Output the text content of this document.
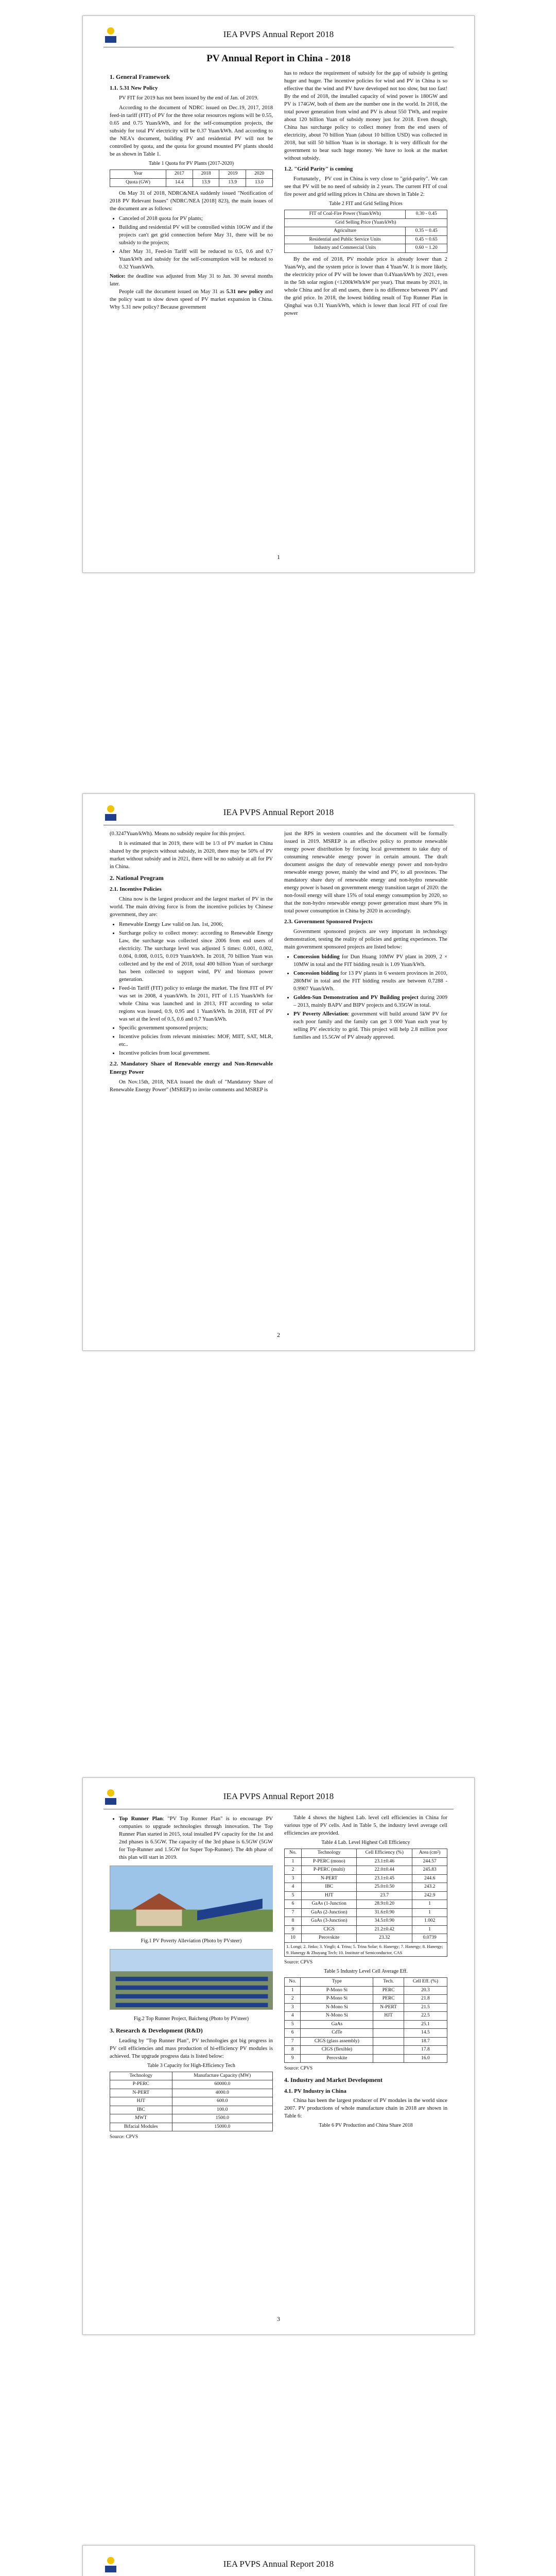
IEA PVPS Annual Report 2018
PV Annual Report in China - 2018
1. General Framework
1.1. 5.31 New Policy

PV FIT for 2019 has not been issued by the end of Jan. of 2019.

According to the document of NDRC issued on Dec.19, 2017, 2018 feed-in tariff (FIT) of PV for the three solar resources regions will be 0.55, 0.65 and 0.75 Yuan/kWh, and for the self-consumption projects, the subsidy for total PV electricity will be 0.37 Yuan/kWh. And according to the NEA's document, building PV and residential PV will not be controlled by quota, and the quota for ground mounted PV plants should be as shown in Table 1.

Table 1 Quota for PV Plants (2017-2020)
Year	2017	2018	2019	2020
Quota (GW)	14.4	13.9	13.9	13.0

On May 31 of 2018, NDRC&NEA suddenly issued "Notification of 2018 PV Relevant Issues" (NDRC/NEA [2018] 823), the main issues of the document are as follows:

• Canceled of 2018 quota for PV plants;
• Building and residential PV will be controlled within 10GW and if the projects can't get grid connection before May 31, there will be no subsidy to the projects;
• After May 31, Feed-in Tariff will be reduced to 0.5, 0.6 and 0.7 Yuan/kWh and subsidy for the self-consumption will be reduced to 0.32 Yuan/kWh.
Notice: the deadline was adjusted from May 31 to Jun. 30 several months later.

People call the document issued on May 31 as 5.31 new policy and the policy want to slow down speed of PV market expansion in China. Why 5.31 new policy? Because government

has to reduce the requirement of subsidy for the gap of subsidy is getting huger and huger. The incentive policies for wind and PV in China is so effective that the wind and PV have developed not too slow, but too fast! By the end of 2018, the installed capacity of wind power is 180GW and PV is 174GW, both of them are the number one in the world. In 2018, the total power generation from wind and PV is about 550 TWh, and require about 120 billion Yuan of subsidy money just for 2018. Even though, China has surcharge policy to collect money from the end users of electricity, about 70 billion Yuan (about 10 billion USD) was collected in 2018, but still 50 billion Yuan is in shortage. It is very difficult for the government to bear such huge money. We have to look at the market without subsidy.

1.2. "Grid Parity" is coming

Fortunately，PV cost in China is very close to "grid-parity". We can see that PV will be no need of subsidy in 2 years. The current FIT of coal fire power and grid selling prices in China are shown in Table 2:

Table 2 FIT and Grid Selling Prices
FIT of Coal-Fire Power (Yuan/kWh)	0.30 - 0.45
Grid Selling Price (Yuan/kWh)	
Agriculture	0.35 ~ 0.45
Residential and Public Service Units	0.45 ~ 0.65
Industry and Commercial Units	0.60 ~ 1.20

By the end of 2018, PV module price is already lower than 2 Yuan/Wp, and the system price is lower than 4 Yuan/W. It is more likely, the electricity price of PV will be lower than 0.4Yuan/kWh by 2021, even in the 5th solar region (<1200kWh/kW per year). That means by 2021, in whole China and for all end users, there is no difference between PV and the grid price. In 2018, the lowest bidding result of Top Runner Plan in Qinghai was 0.31 Yuan/kWh, which is lower than local FIT of coal fire power

1
IEA PVPS Annual Report 2018

(0.3247Yuan/kWh). Means no subsidy require for this project.

It is estimated that in 2019, there will be 1/3 of PV market in China shared by the projects without subsidy, in 2020, there may be 50% of PV market without subsidy and in 2021, there will be no subsidy at all for PV in China.

2. National Program
2.1. Incentive Policies

China now is the largest producer and the largest market of PV in the world. The main driving force is from the incentive policies by Chinese government, they are:

• Renewable Energy Law valid on Jan. 1st, 2006;
• Surcharge policy to collect money: according to Renewable Energy Law, the surcharge was collected since 2006 from end users of electricity. The surcharge level was adjusted 5 times: 0.001, 0.002, 0.004, 0.008, 0.015, 0.019 Yuan/kWh. In 2018, 70 billion Yuan was collected and by the end of 2018, total 400 billion Yuan of surcharge has been collected to support wind, PV and biomass power generation.
• Feed-in Tariff (FIT) policy to enlarge the market. The first FIT of PV was set in 2008, 4 yuan/kWh. In 2011, FIT of 1.15 Yuan/kWh for whole China was launched and in 2013, FIT according to solar regions was issued, 0.9, 0.95 and 1 Yuan/kWh. In 2018, FIT of PV was set at the level of 0.5, 0.6 and 0.7 Yuan/kWh.
• Specific government sponsored projects;
• Incentive policies from relevant ministries: MOF, MIIT, SAT, MLR, etc..
• Incentive policies from local government.
2.2. Mandatory Share of Renewable energy and Non-Renewable Energy Power

On Nov.15th, 2018, NEA issued the draft of "Mandatory Share of Renewable Energy Power" (MSREP) to invite comments and MSREP is

just the RPS in western countries and the document will be formally issued in 2019. MSREP is an effective policy to promote renewable energy power distribution by forcing local government to take duty of consuming renewable energy power in certain amount. The draft document assigns the duty of renewable energy power and non-hydro renewable energy power, mainly the wind and PV, to all provinces. The mandatory share duty of renewable energy and non-hydro renewable energy power is based on government energy transition target of 2020: the non-fossil energy will share 15% of total energy consumption by 2020, so that the non-hydro renewable energy power generation must share 9% in total power consumption in China by 2020 in accordingly.

2.3. Government Sponsored Projects

Government sponsored projects are very important in technology demonstration, testing the reality of policies and getting experiences. The main government sponsored projects are listed below:

• Concession bidding for Dun Huang 10MW PV plant in 2009, 2 × 10MW in total and the FIT bidding result is 1.09 Yuan/kWh.
• Concession bidding for 13 PV plants in 6 western provinces in 2010, 280MW in total and the FIT bidding results are between 0.7288 - 0.9907 Yuan/kWh.
• Golden-Sun Demonstration and PV Building project during 2009 – 2013, mainly BAPV and BIPV projects and 6.35GW in total.
• PV Poverty Alleviation: government will build around 5kW PV for each poor family and the family can get 3 000 Yuan each year by selling PV electricity to grid. This project will help 2.8 million poor families and 15.5GW of PV already approved.
2
IEA PVPS Annual Report 2018
• Top Runner Plan: "PV Top Runner Plan" is to encourage PV companies to upgrade technologies through innovation. The Top Runner Plan started in 2015, total installed PV capacity for the 1st and 2nd phases is 6.5GW. The capacity of the 3rd phase is 6.5GW (5GW for Top-Runner and 1.5GW for Super Top-Runner). The 4th phase of this plan will start in 2019.
Fig.1 PV Poverty Alleviation (Photo by PVsteer)
Fig.2 Top Runner Project, Baicheng (Photo by PVsteer)
3. Research & Development (R&D)

Leading by "Top Runner Plan", PV technologies got big progress in PV cell efficiencies and mass production of hi-efficiency PV modules is achieved. The upgrade progress data is listed below:

Table 3 Capacity for High-Efficiency Tech
Technology	Manufacture Capacity (MW)
P-PERC	60000.0
N-PERT	4000.0
HJT	600.0
IBC	100.0
MWT	1500.0
Bifacial Modules	15000.0
Source: CPVS

Table 4 shows the highest Lab. level cell efficiencies in China for various type of PV cells. And in Table 5, the industry level average cell efficiencies are provided.

Table 4 Lab. Level Highest Cell Efficiency
No.	Technology	Cell Efficiency (%)	Area (cm²)
1	P-PERC (mono)	23.1±0.46	244.57
2	P-PERC (multi)	22.0±0.44	245.83
3	N-PERT	23.1±0.45	244.6
4	IBC	25.0±0.50	243.2
5	HJT	23.7	242.9
6	GaAs (1-Junction	28.9±0.20	1
7	GaAs (2-Junction)	31.6±0.90	1
8	GaAs (3-Junction)	34.5±0.90	1.002
9	CIGS	21.2±0.42	1
10	Perovskite	23.32	0.0739
1. Longi; 2. Jinko; 3. Yingli; 4. Trina; 5. Trina Solar; 6. Hanergy; 7. Hanergy; 8. Hanergy; 9. Hanergy & Zhuyang Tech; 10. Institute of Semiconductor, CAS			
Source: CPVS
Table 5 Industry Level Cell Average Eff.
No.	Type	Tech.	Cell Eff. (%)
1	P-Mono Si	PERC	20.3
2	P-Mono Si	PERC	21.8
3	N-Mono Si	N-PERT	21.5
4	N-Mono Si	HJT	22.5
5	GaAs		25.1
6	CdTe		14.5
7	CIGS (glass assembly)		18.7
8	CIGS (flexible)		17.8
9	Perovskite		16.0
Source: CPVS
4. Industry and Market Development
4.1. PV Industry in China

China has been the largest producer of PV modules in the world since 2007. PV productions of whole manufacture chain in 2018 are shown in Table 6:

Table 6 PV Production and China Share 2018
3
IEA PVPS Annual Report 2018
